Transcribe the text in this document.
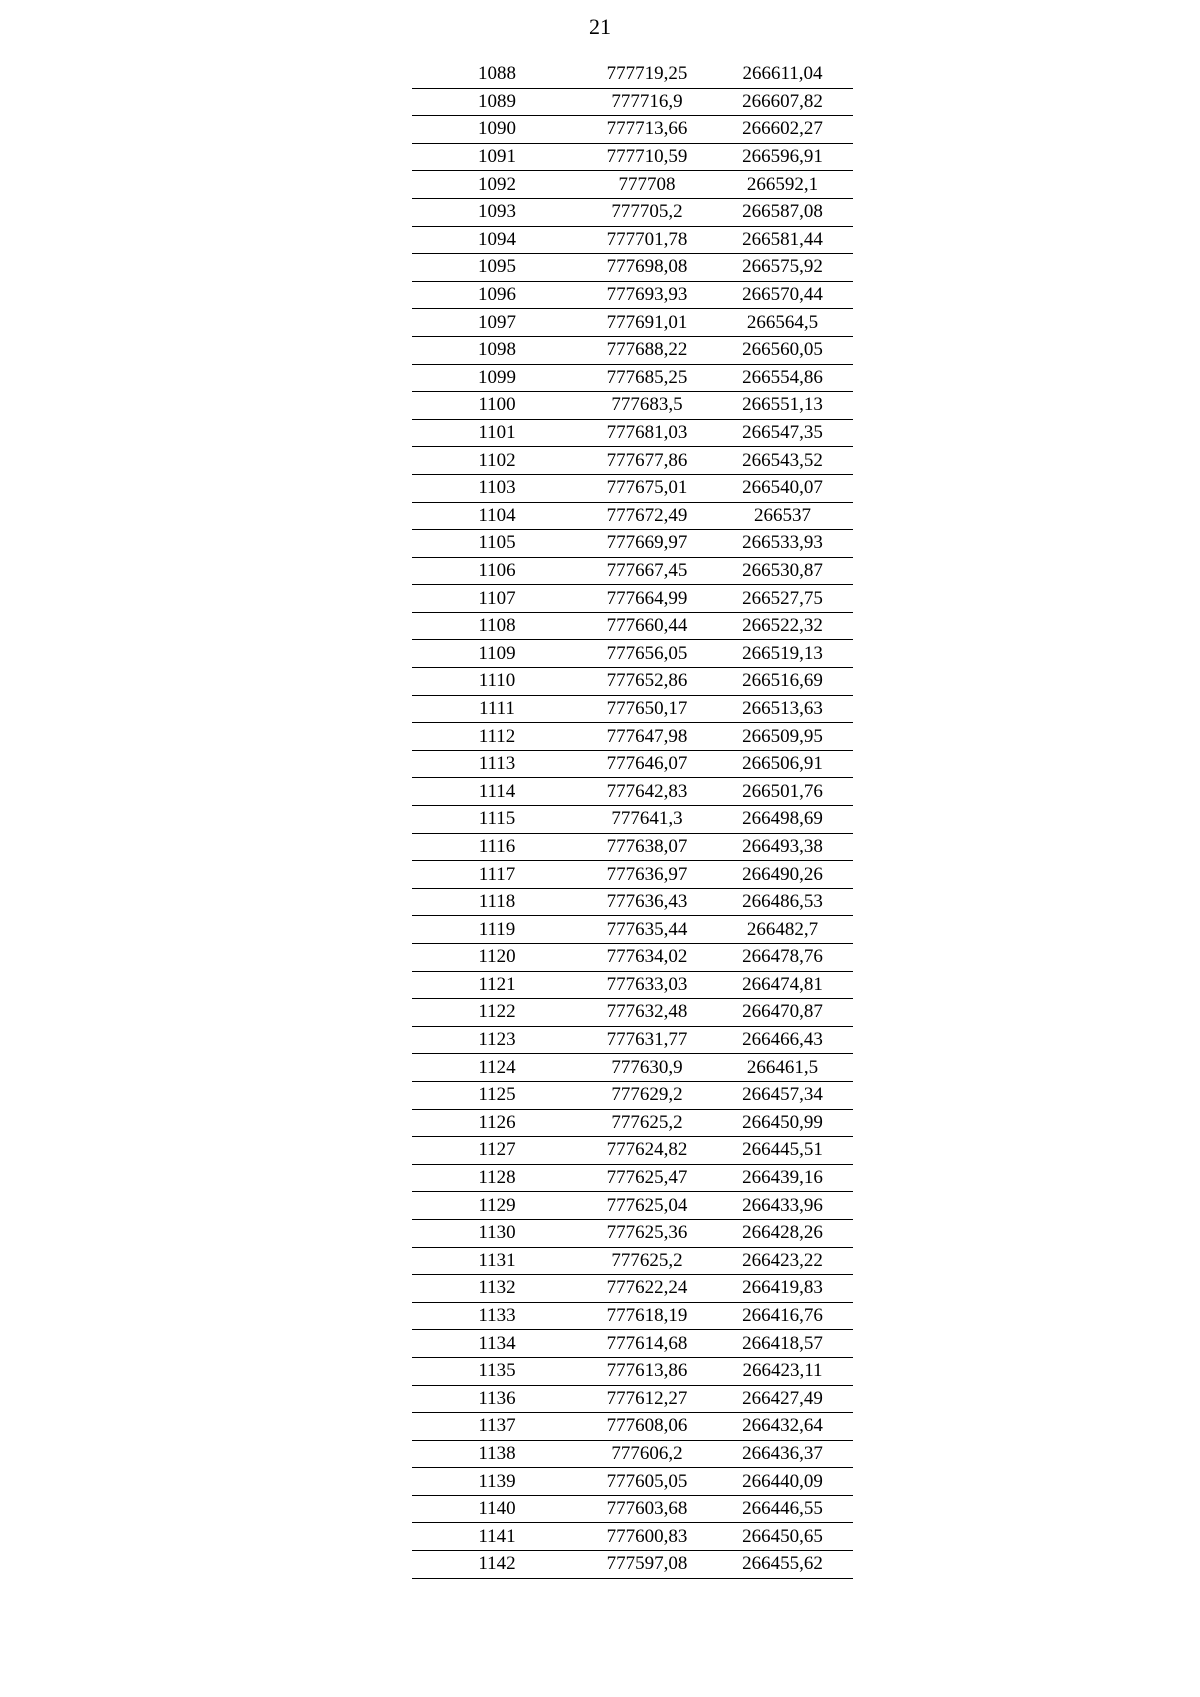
21
1088	777719,25	266611,04
1089	777716,9	266607,82
1090	777713,66	266602,27
1091	777710,59	266596,91
1092	777708	266592,1
1093	777705,2	266587,08
1094	777701,78	266581,44
1095	777698,08	266575,92
1096	777693,93	266570,44
1097	777691,01	266564,5
1098	777688,22	266560,05
1099	777685,25	266554,86
1100	777683,5	266551,13
1101	777681,03	266547,35
1102	777677,86	266543,52
1103	777675,01	266540,07
1104	777672,49	266537
1105	777669,97	266533,93
1106	777667,45	266530,87
1107	777664,99	266527,75
1108	777660,44	266522,32
1109	777656,05	266519,13
1110	777652,86	266516,69
1111	777650,17	266513,63
1112	777647,98	266509,95
1113	777646,07	266506,91
1114	777642,83	266501,76
1115	777641,3	266498,69
1116	777638,07	266493,38
1117	777636,97	266490,26
1118	777636,43	266486,53
1119	777635,44	266482,7
1120	777634,02	266478,76
1121	777633,03	266474,81
1122	777632,48	266470,87
1123	777631,77	266466,43
1124	777630,9	266461,5
1125	777629,2	266457,34
1126	777625,2	266450,99
1127	777624,82	266445,51
1128	777625,47	266439,16
1129	777625,04	266433,96
1130	777625,36	266428,26
1131	777625,2	266423,22
1132	777622,24	266419,83
1133	777618,19	266416,76
1134	777614,68	266418,57
1135	777613,86	266423,11
1136	777612,27	266427,49
1137	777608,06	266432,64
1138	777606,2	266436,37
1139	777605,05	266440,09
1140	777603,68	266446,55
1141	777600,83	266450,65
1142	777597,08	266455,62
